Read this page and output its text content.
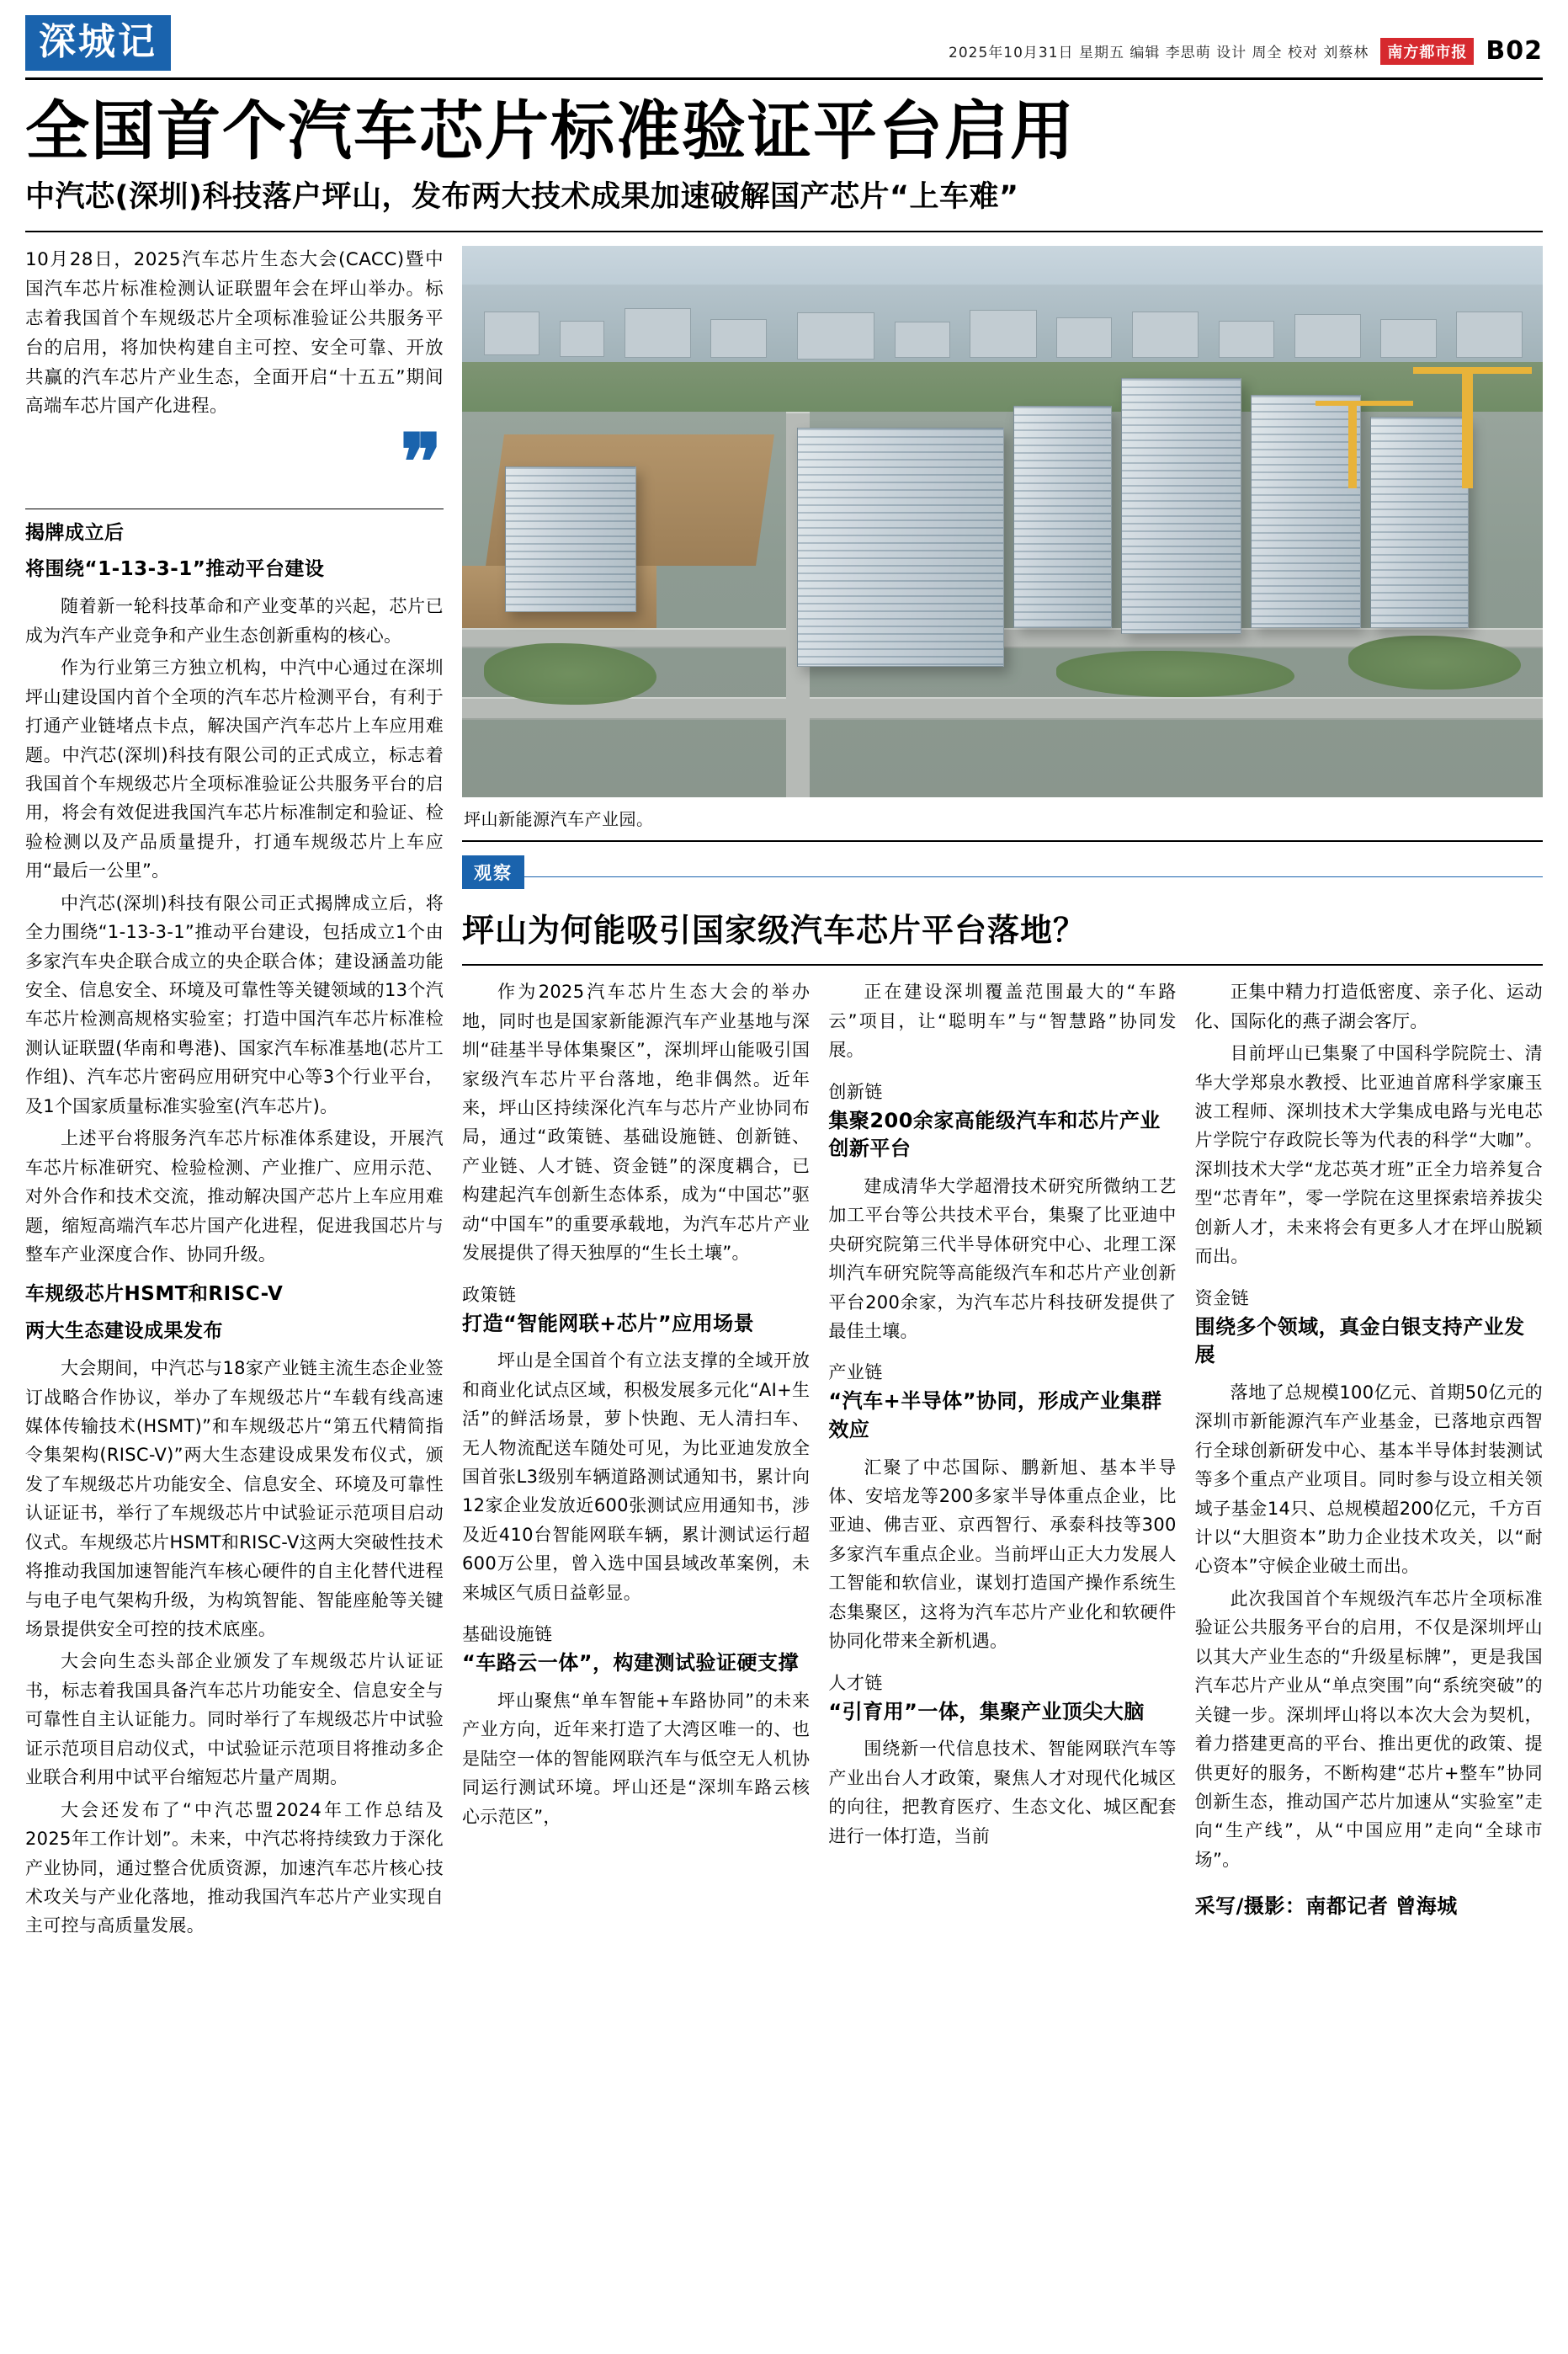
深城记	2025年10月31日 星期五 编辑 李思萌 设计 周全 校对 刘蔡林	南方都市报 B02
全国首个汽车芯片标准验证平台启用
中汽芯(深圳)科技落户坪山，发布两大技术成果加速破解国产芯片“上车难”

10月28日，2025汽车芯片生态大会(CACC)暨中国汽车芯片标准检测认证联盟年会在坪山举办。标志着我国首个车规级芯片全项标准验证公共服务平台的启用，将加快构建自主可控、安全可靠、开放共赢的汽车芯片产业生态，全面开启“十五五”期间高端车芯片国产化进程。

❞
揭牌成立后
将围绕“1-13-3-1”推动平台建设

随着新一轮科技革命和产业变革的兴起，芯片已成为汽车产业竞争和产业生态创新重构的核心。

作为行业第三方独立机构，中汽中心通过在深圳坪山建设国内首个全项的汽车芯片检测平台，有利于打通产业链堵点卡点，解决国产汽车芯片上车应用难题。中汽芯(深圳)科技有限公司的正式成立，标志着我国首个车规级芯片全项标准验证公共服务平台的启用，将会有效促进我国汽车芯片标准制定和验证、检验检测以及产品质量提升，打通车规级芯片上车应用“最后一公里”。

中汽芯(深圳)科技有限公司正式揭牌成立后，将全力围绕“1-13-3-1”推动平台建设，包括成立1个由多家汽车央企联合成立的央企联合体；建设涵盖功能安全、信息安全、环境及可靠性等关键领域的13个汽车芯片检测高规格实验室；打造中国汽车芯片标准检测认证联盟(华南和粤港)、国家汽车标准基地(芯片工作组)、汽车芯片密码应用研究中心等3个行业平台，及1个国家质量标准实验室(汽车芯片)。

上述平台将服务汽车芯片标准体系建设，开展汽车芯片标准研究、检验检测、产业推广、应用示范、对外合作和技术交流，推动解决国产芯片上车应用难题，缩短高端汽车芯片国产化进程，促进我国芯片与整车产业深度合作、协同升级。

车规级芯片HSMT和RISC-V
两大生态建设成果发布

大会期间，中汽芯与18家产业链主流生态企业签订战略合作协议，举办了车规级芯片“车载有线高速媒体传输技术(HSMT)”和车规级芯片“第五代精简指令集架构(RISC-V)”两大生态建设成果发布仪式，颁发了车规级芯片功能安全、信息安全、环境及可靠性认证证书，举行了车规级芯片中试验证示范项目启动仪式。车规级芯片HSMT和RISC-V这两大突破性技术将推动我国加速智能汽车核心硬件的自主化替代进程与电子电气架构升级，为构筑智能、智能座舱等关键场景提供安全可控的技术底座。

大会向生态头部企业颁发了车规级芯片认证证书，标志着我国具备汽车芯片功能安全、信息安全与可靠性自主认证能力。同时举行了车规级芯片中试验证示范项目启动仪式，中试验证示范项目将推动多企业联合利用中试平台缩短芯片量产周期。

大会还发布了“中汽芯盟2024年工作总结及2025年工作计划”。未来，中汽芯将持续致力于深化产业协同，通过整合优质资源，加速汽车芯片核心技术攻关与产业化落地，推动我国汽车芯片产业实现自主可控与高质量发展。

坪山新能源汽车产业园。
观察
坪山为何能吸引国家级汽车芯片平台落地？

作为2025汽车芯片生态大会的举办地，同时也是国家新能源汽车产业基地与深圳“硅基半导体集聚区”，深圳坪山能吸引国家级汽车芯片平台落地，绝非偶然。近年来，坪山区持续深化汽车与芯片产业协同布局，通过“政策链、基础设施链、创新链、产业链、人才链、资金链”的深度耦合，已构建起汽车创新生态体系，成为“中国芯”驱动“中国车”的重要承载地，为汽车芯片产业发展提供了得天独厚的“生长土壤”。

政策链
打造“智能网联+芯片”应用场景

坪山是全国首个有立法支撑的全域开放和商业化试点区域，积极发展多元化“AI+生活”的鲜活场景，萝卜快跑、无人清扫车、无人物流配送车随处可见，为比亚迪发放全国首张L3级别车辆道路测试通知书，累计向12家企业发放近600张测试应用通知书，涉及近410台智能网联车辆，累计测试运行超600万公里，曾入选中国县域改革案例，未来城区气质日益彰显。

基础设施链
“车路云一体”，构建测试验证硬支撑

坪山聚焦“单车智能+车路协同”的未来产业方向，近年来打造了大湾区唯一的、也是陆空一体的智能网联汽车与低空无人机协同运行测试环境。坪山还是“深圳车路云核心示范区”，

正在建设深圳覆盖范围最大的“车路云”项目，让“聪明车”与“智慧路”协同发展。

创新链
集聚200余家高能级汽车和芯片产业创新平台

建成清华大学超滑技术研究所微纳工艺加工平台等公共技术平台，集聚了比亚迪中央研究院第三代半导体研究中心、北理工深圳汽车研究院等高能级汽车和芯片产业创新平台200余家，为汽车芯片科技研发提供了最佳土壤。

产业链
“汽车+半导体”协同，形成产业集群效应

汇聚了中芯国际、鹏新旭、基本半导体、安培龙等200多家半导体重点企业，比亚迪、佛吉亚、京西智行、承泰科技等300多家汽车重点企业。当前坪山正大力发展人工智能和软信业，谋划打造国产操作系统生态集聚区，这将为汽车芯片产业化和软硬件协同化带来全新机遇。

人才链
“引育用”一体，集聚产业顶尖大脑

围绕新一代信息技术、智能网联汽车等产业出台人才政策，聚焦人才对现代化城区的向往，把教育医疗、生态文化、城区配套进行一体打造，当前

正集中精力打造低密度、亲子化、运动化、国际化的燕子湖会客厅。

目前坪山已集聚了中国科学院院士、清华大学郑泉水教授、比亚迪首席科学家廉玉波工程师、深圳技术大学集成电路与光电芯片学院宁存政院长等为代表的科学“大咖”。深圳技术大学“龙芯英才班”正全力培养复合型“芯青年”，零一学院在这里探索培养拔尖创新人才，未来将会有更多人才在坪山脱颖而出。

资金链
围绕多个领域，真金白银支持产业发展

落地了总规模100亿元、首期50亿元的深圳市新能源汽车产业基金，已落地京西智行全球创新研发中心、基本半导体封装测试等多个重点产业项目。同时参与设立相关领域子基金14只、总规模超200亿元，千方百计以“大胆资本”助力企业技术攻关，以“耐心资本”守候企业破土而出。

此次我国首个车规级汽车芯片全项标准验证公共服务平台的启用，不仅是深圳坪山以其大产业生态的“升级星标牌”，更是我国汽车芯片产业从“单点突围”向“系统突破”的关键一步。深圳坪山将以本次大会为契机，着力搭建更高的平台、推出更优的政策、提供更好的服务，不断构建“芯片+整车”协同创新生态，推动国产芯片加速从“实验室”走向“生产线”，从“中国应用”走向“全球市场”。

采写/摄影：南都记者 曾海城
